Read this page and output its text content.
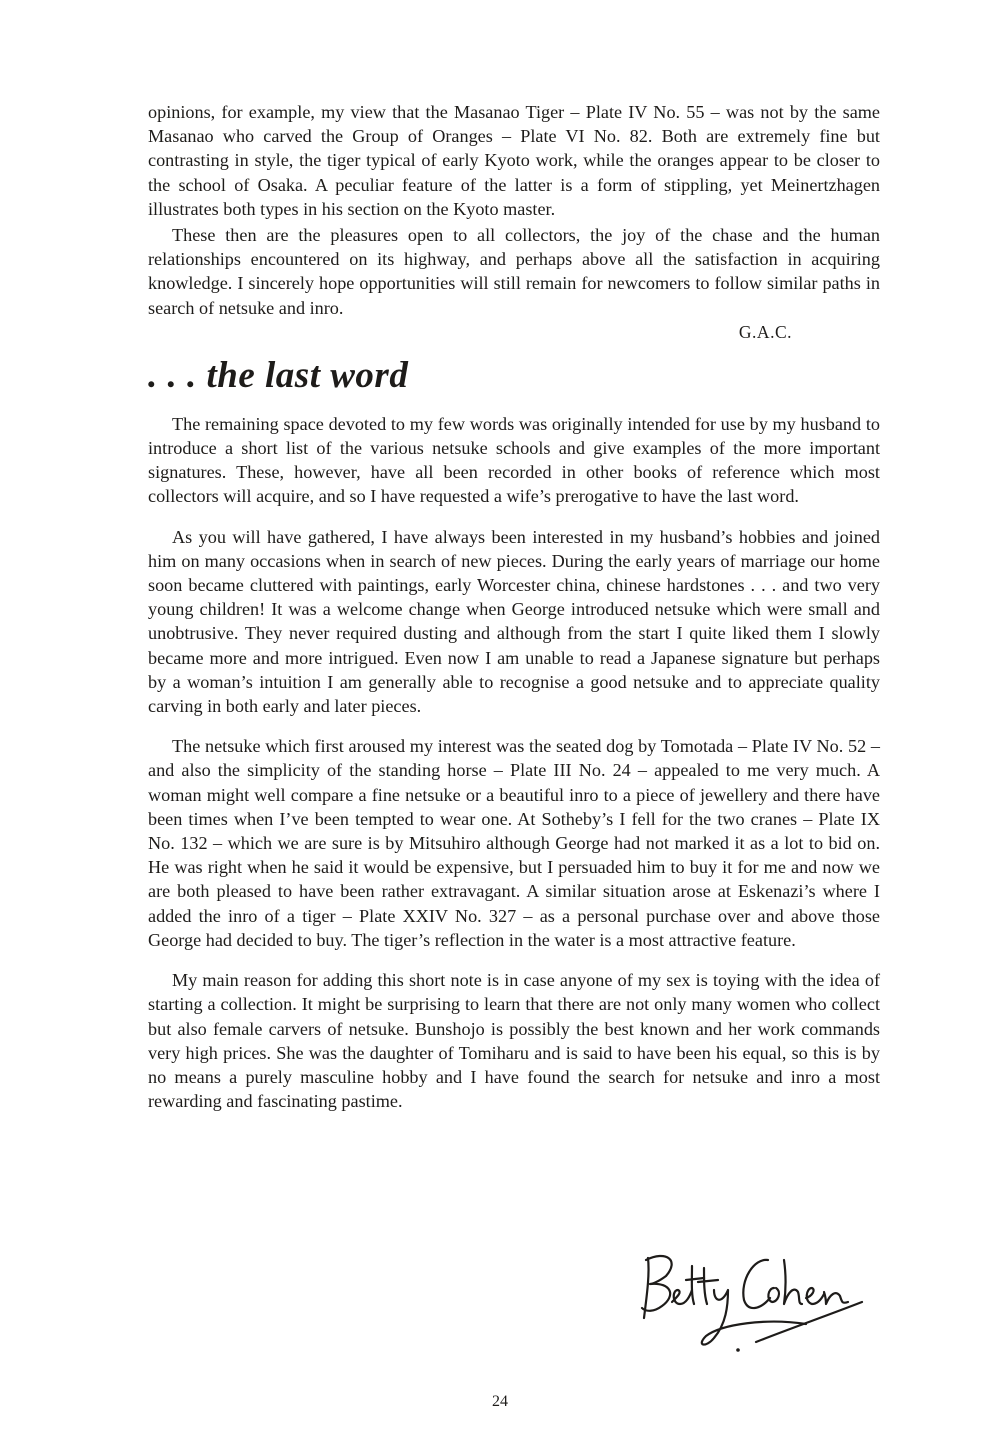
opinions, for example, my view that the Masanao Tiger – Plate IV No. 55 – was not by the same Masanao who carved the Group of Oranges – Plate VI No. 82. Both are extremely fine but contrasting in style, the tiger typical of early Kyoto work, while the oranges appear to be closer to the school of Osaka. A peculiar feature of the latter is a form of stippling, yet Meinertzhagen illustrates both types in his section on the Kyoto master.

These then are the pleasures open to all collectors, the joy of the chase and the human relationships encountered on its highway, and perhaps above all the satisfaction in acquiring knowledge. I sincerely hope opportunities will still remain for newcomers to follow similar paths in search of netsuke and inro.

G.A.C.

. . . the last word

The remaining space devoted to my few words was originally intended for use by my husband to introduce a short list of the various netsuke schools and give examples of the more important signatures. These, however, have all been recorded in other books of reference which most collectors will acquire, and so I have requested a wife’s prerogative to have the last word.

As you will have gathered, I have always been interested in my husband’s hobbies and joined him on many occasions when in search of new pieces. During the early years of marriage our home soon became cluttered with paintings, early Worcester china, chinese hardstones . . . and two very young children! It was a welcome change when George introduced netsuke which were small and unobtrusive. They never required dusting and although from the start I quite liked them I slowly became more and more intrigued. Even now I am unable to read a Japanese signature but perhaps by a woman’s intuition I am generally able to recognise a good netsuke and to appreciate quality carving in both early and later pieces.

The netsuke which first aroused my interest was the seated dog by Tomotada – Plate IV No. 52 – and also the simplicity of the standing horse – Plate III No. 24 – appealed to me very much. A woman might well compare a fine netsuke or a beautiful inro to a piece of jewellery and there have been times when I’ve been tempted to wear one. At Sotheby’s I fell for the two cranes – Plate IX No. 132 – which we are sure is by Mitsuhiro although George had not marked it as a lot to bid on. He was right when he said it would be expensive, but I persuaded him to buy it for me and now we are both pleased to have been rather extravagant. A similar situation arose at Eskenazi’s where I added the inro of a tiger – Plate XXIV No. 327 – as a personal purchase over and above those George had decided to buy. The tiger’s reflection in the water is a most attractive feature.

My main reason for adding this short note is in case anyone of my sex is toying with the idea of starting a collection. It might be surprising to learn that there are not only many women who collect but also female carvers of netsuke. Bunshojo is possibly the best known and her work commands very high prices. She was the daughter of Tomiharu and is said to have been his equal, so this is by no means a purely masculine hobby and I have found the search for netsuke and inro a most rewarding and fascinating pastime.

24
